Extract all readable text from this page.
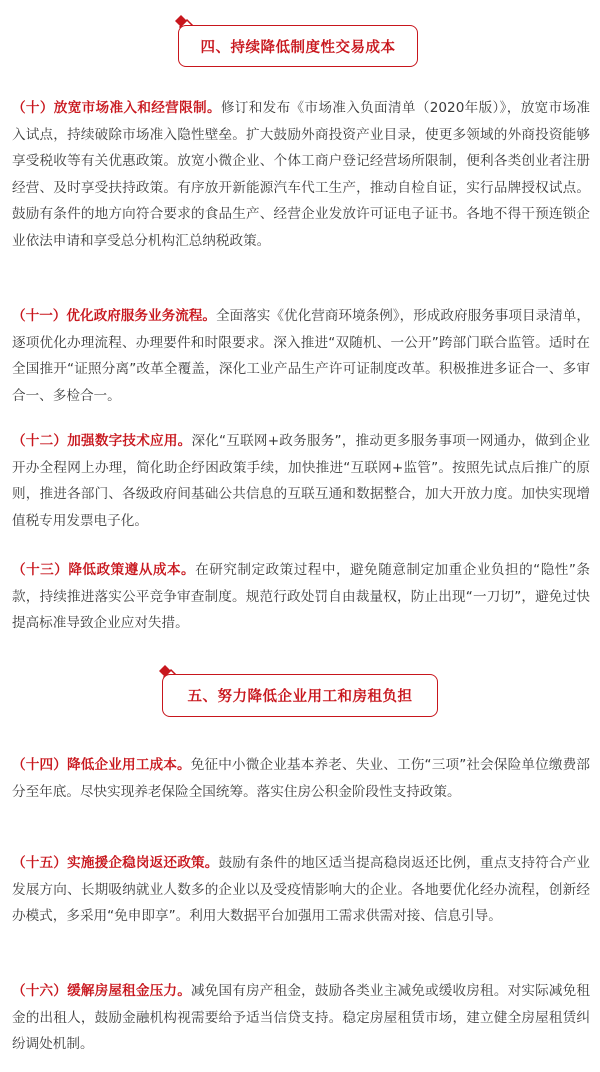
四、持续降低制度性交易成本

（十）放宽市场准入和经营限制。修订和发布《市场准入负面清单（2020年版）》，放宽市场准入试点，持续破除市场准入隐性壁垒。扩大鼓励外商投资产业目录，使更多领域的外商投资能够享受税收等有关优惠政策。放宽小微企业、个体工商户登记经营场所限制，便利各类创业者注册经营、及时享受扶持政策。有序放开新能源汽车代工生产，推动自检自证，实行品牌授权试点。鼓励有条件的地方向符合要求的食品生产、经营企业发放许可证电子证书。各地不得干预连锁企业依法申请和享受总分机构汇总纳税政策。

（十一）优化政府服务业务流程。全面落实《优化营商环境条例》，形成政府服务事项目录清单，逐项优化办理流程、办理要件和时限要求。深入推进“双随机、一公开”跨部门联合监管。适时在全国推开“证照分离”改革全覆盖，深化工业产品生产许可证制度改革。积极推进多证合一、多审合一、多检合一。

（十二）加强数字技术应用。深化“互联网+政务服务”，推动更多服务事项一网通办，做到企业开办全程网上办理，简化助企纾困政策手续，加快推进“互联网+监管”。按照先试点后推广的原则，推进各部门、各级政府间基础公共信息的互联互通和数据整合，加大开放力度。加快实现增值税专用发票电子化。

（十三）降低政策遵从成本。在研究制定政策过程中，避免随意制定加重企业负担的“隐性”条款，持续推进落实公平竞争审查制度。规范行政处罚自由裁量权，防止出现“一刀切”，避免过快提高标准导致企业应对失措。

五、努力降低企业用工和房租负担

（十四）降低企业用工成本。免征中小微企业基本养老、失业、工伤“三项”社会保险单位缴费部分至年底。尽快实现养老保险全国统筹。落实住房公积金阶段性支持政策。

（十五）实施援企稳岗返还政策。鼓励有条件的地区适当提高稳岗返还比例，重点支持符合产业发展方向、长期吸纳就业人数多的企业以及受疫情影响大的企业。各地要优化经办流程，创新经办模式，多采用“免申即享”。利用大数据平台加强用工需求供需对接、信息引导。

（十六）缓解房屋租金压力。减免国有房产租金，鼓励各类业主减免或缓收房租。对实际减免租金的出租人，鼓励金融机构视需要给予适当信贷支持。稳定房屋租赁市场，建立健全房屋租赁纠纷调处机制。
